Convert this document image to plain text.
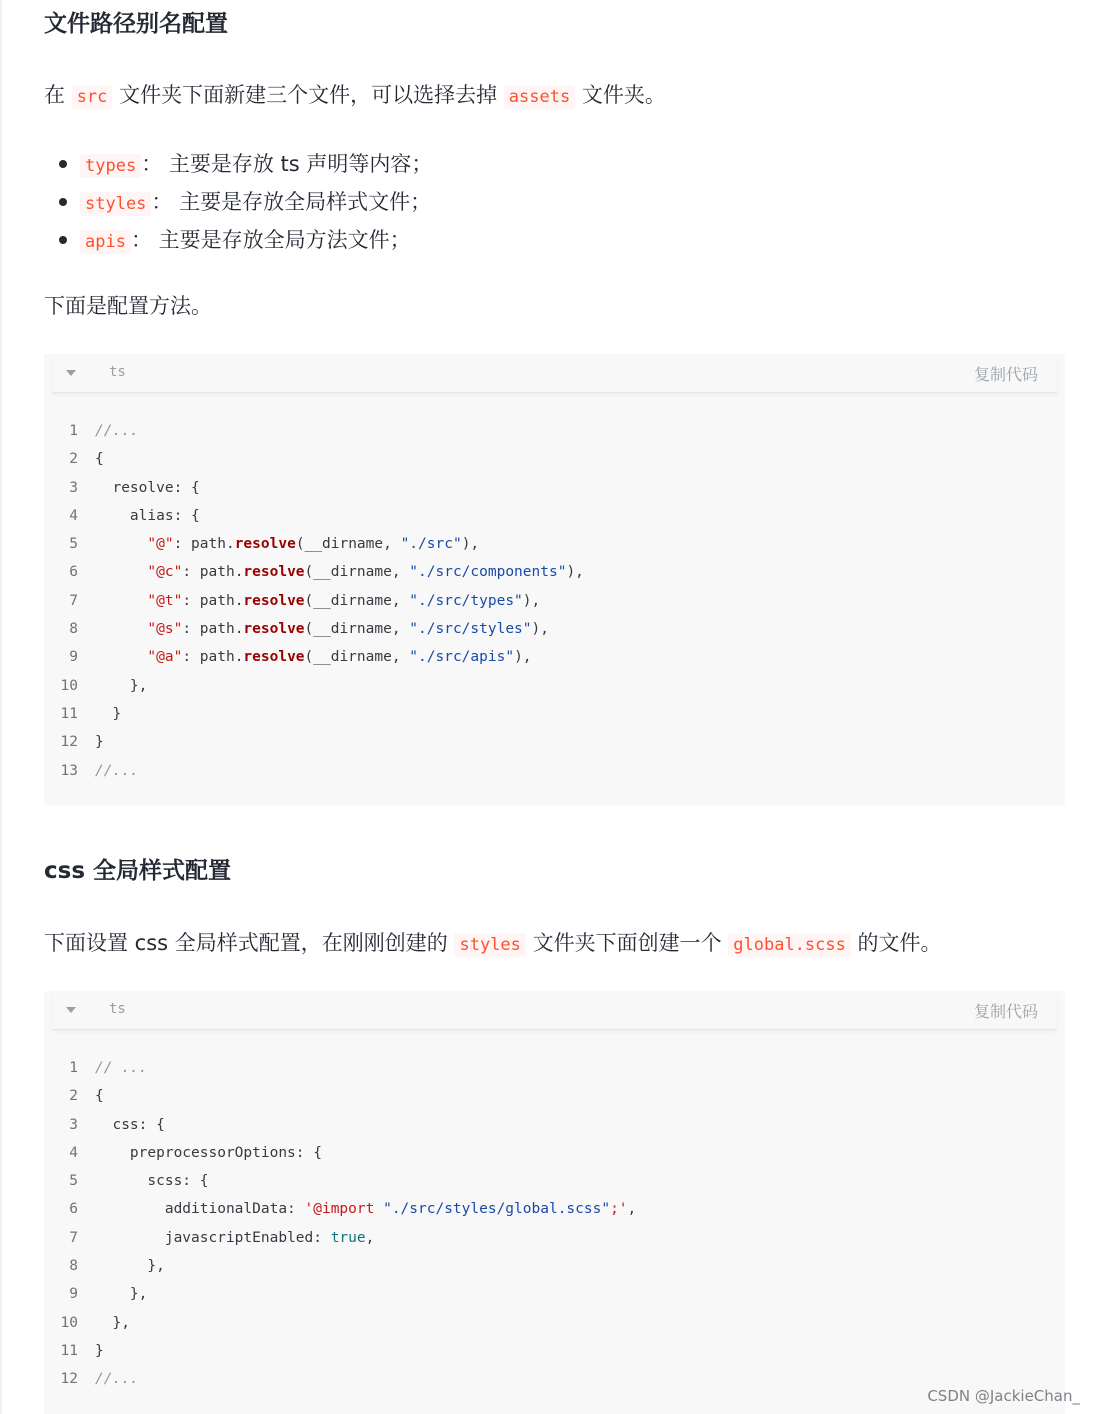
文件路径别名配置

在 src 文件夹下面新建三个文件，可以选择去掉 assets 文件夹。

types ： 主要是存放 ts 声明等内容；
styles ： 主要是存放全局样式文件；
apis ： 主要是存放全局方法文件；

下面是配置方法。

ts	复制代码
1 //...
2 {
3 resolve: {
4 alias: {
5	"@": path.resolve(__dirname, "./src"),
6	"@c": path.resolve(__dirname, "./src/components"),
7	"@t": path.resolve(__dirname, "./src/types"),
8	"@s": path.resolve(__dirname, "./src/styles"),
9	"@a": path.resolve(__dirname, "./src/apis"),
10 },
11 }
12 }
13 //...
css 全局样式配置

下面设置 css 全局样式配置，在刚刚创建的 styles 文件夹下面创建一个 global.scss 的文件。

ts	复制代码
1 // ...
2 {
3 css: {
4 preprocessorOptions: {
5 scss: {
6 additionalData: '@import "./src/styles/global.scss";',
7 javascriptEnabled: true,
8 },
9 },
10 },
11 }
12 //...
CSDN @JackieChan_
